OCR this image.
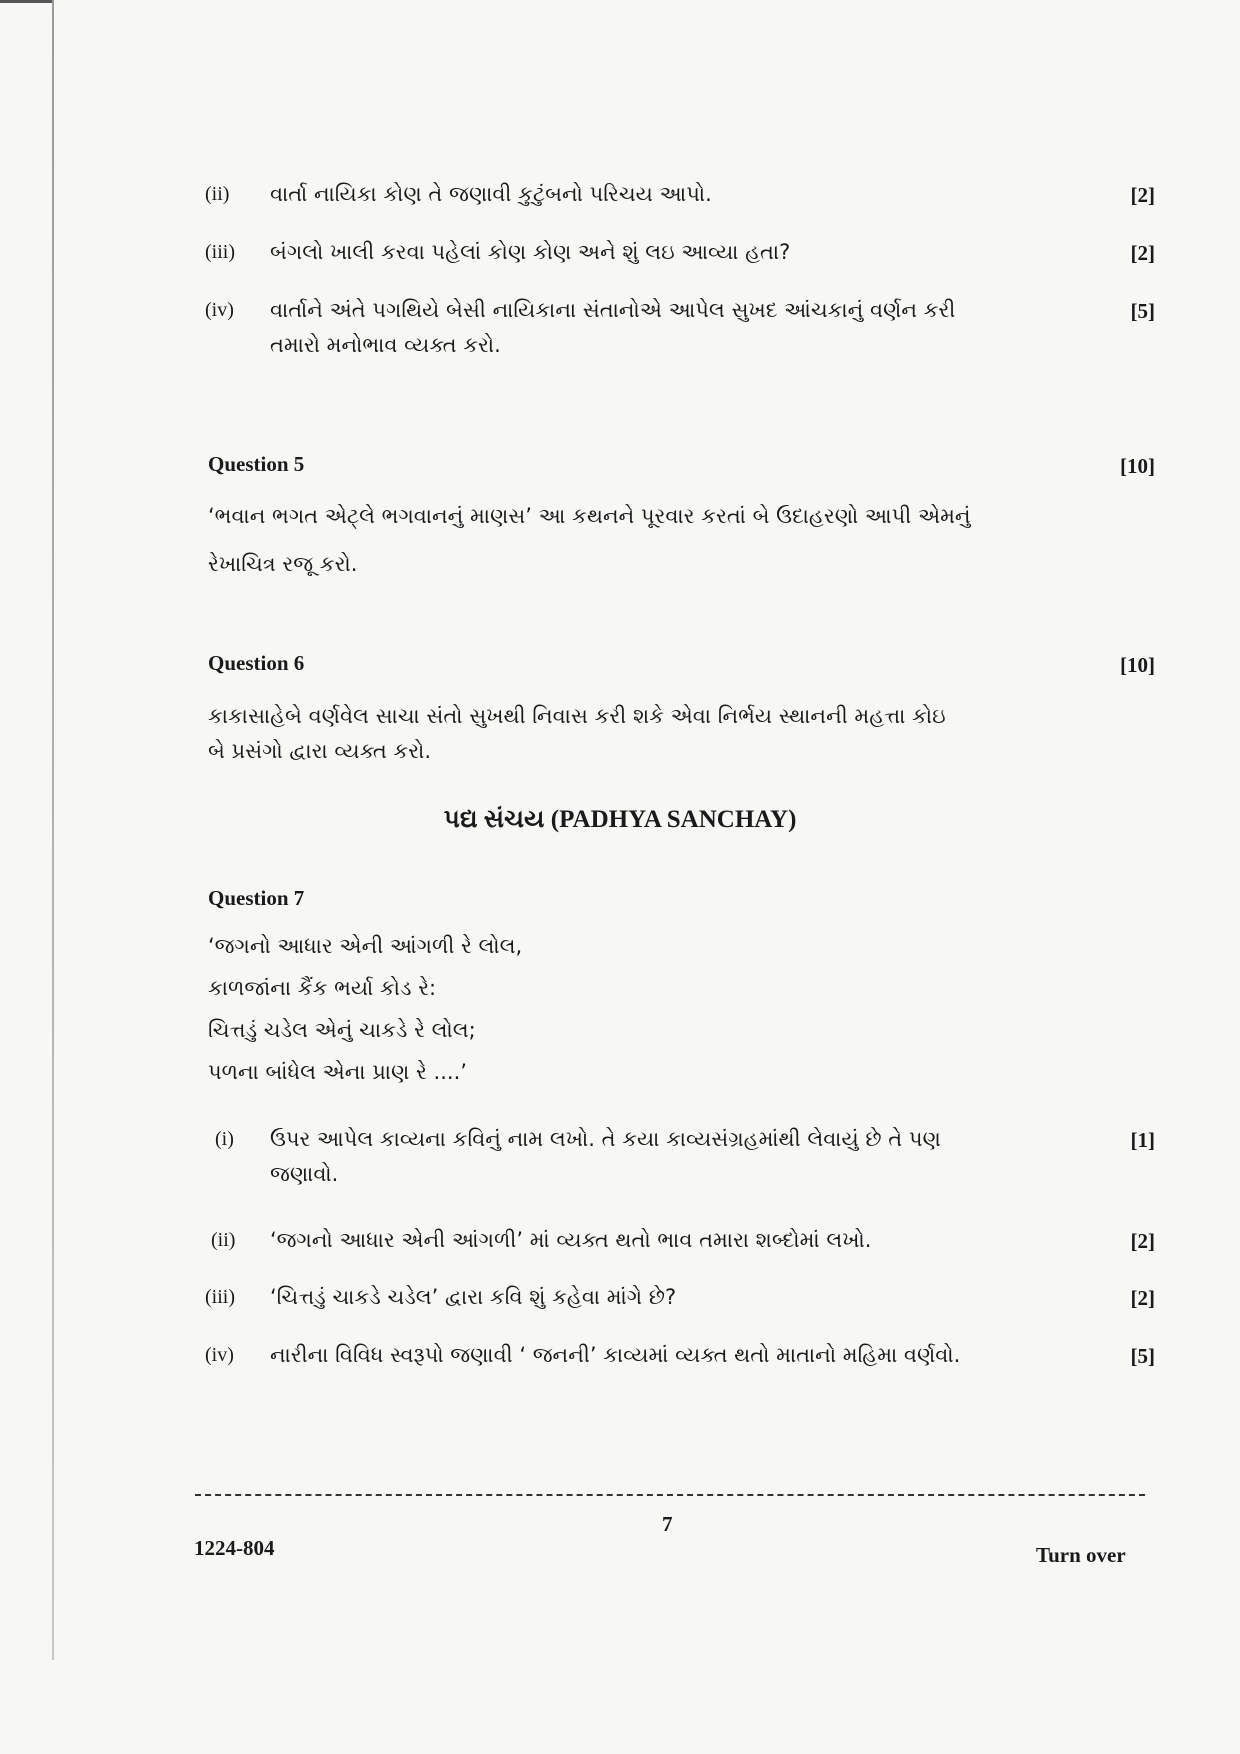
(ii) વાર્તા નાયિકા કોણ તે જણાવી કુટુંબનો પરિચય આપો.	[2]
(iii) બંગલો ખાલી કરવા પહેલાં કોણ કોણ અને શું લઇ આવ્યા હતા?	[2]
(iv) વાર્તાને અંતે પગથિયે બેસી નાયિકાના સંતાનોએ આપેલ સુખદ આંચકાનું વર્ણન કરી
તમારો મનોભાવ વ્યક્ત કરો.
[5]
Question 5	[10]
‘ભવાન ભગત એટ્લે ભગવાનનું માણસ’ આ કથનને પૂરવાર કરતાં બે ઉદાહરણો આપી એમનું
રેખાચિત્ર રજૂ કરો.
Question 6	[10]
કાકાસાહેબે વર્ણવેલ સાચા સંતો સુખથી નિવાસ કરી શકે એવા નિર્ભય સ્થાનની મહત્તા કોઇ
બે પ્રસંગો દ્વારા વ્યક્ત કરો.
પદ્ય સંચય (PADHYA SANCHAY)
Question 7
‘જગનો આધાર એની આંગળી રે લોલ,
કાળજાંના કૈંક ભર્યા કોડ રે:
ચિત્તડું ચડેલ એનું ચાકડે રે લોલ;
પળના બાંધેલ એના પ્રાણ રે ....’
(i) ઉપર આપેલ કાવ્યના કવિનું નામ લખો. તે કયા કાવ્યસંગ્રહમાંથી લેવાયું છે તે પણ
જણાવો.
[1]
(ii) ‘જગનો આધાર એની આંગળી’ માં વ્યક્ત થતો ભાવ તમારા શબ્દોમાં લખો.	[2]
(iii) ‘ચિત્તડું ચાકડે ચડેલ’ દ્વારા કવિ શું કહેવા માંગે છે?	[2]
(iv) નારીના વિવિધ સ્વરૂપો જણાવી ‘ જનની’ કાવ્યમાં વ્યક્ત થતો માતાનો મહિમા વર્ણવો.	[5]
7
1224-804	Turn over
